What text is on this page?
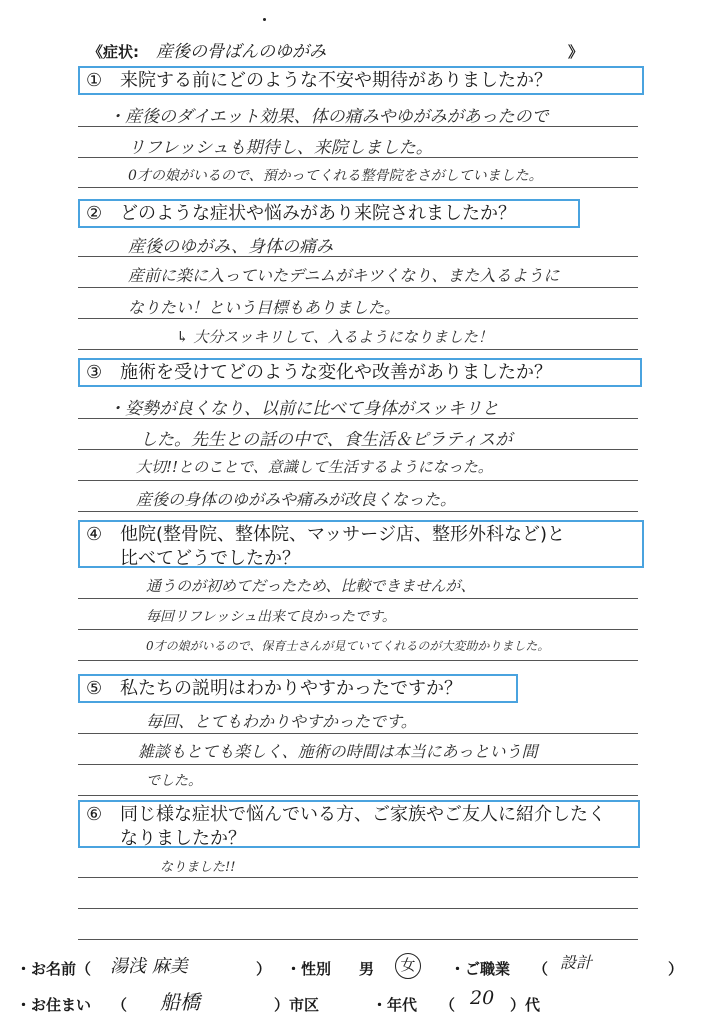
《症状: 産後の骨ばんのゆがみ	》
① 来院する前にどのような不安や期待がありましたか？
・産後のダイエット効果、体の痛みやゆがみがあったので
リフレッシュも期待し、来院しました。
0才の娘がいるので、預かってくれる整骨院をさがしていました。
② どのような症状や悩みがあり来院されましたか？
産後のゆがみ、身体の痛み
産前に楽に入っていたデニムがキツくなり、また入るように
なりたい！という目標もありました。
↳ 大分スッキリして、入るようになりました！
③ 施術を受けてどのような変化や改善がありましたか？
・姿勢が良くなり、以前に比べて身体がスッキリと
した。先生との話の中で、食生活＆ピラティスが
大切!!とのことで、意識して生活するようになった。
産後の身体のゆがみや痛みが改良くなった。
④ 他院(整骨院、整体院、マッサージ店、整形外科など)と
比べてどうでしたか？
通うのが初めてだったため、比較できませんが、
毎回リフレッシュ出来て良かったです。
0才の娘がいるので、保育士さんが見ていてくれるのが大変助かりました。
⑤ 私たちの説明はわかりやすかったですか？
毎回、とてもわかりやすかったです。
雑談もとても楽しく、施術の時間は本当にあっという間
でした。
⑥ 同じ様な症状で悩んでいる方、ご家族やご友人に紹介したく
なりましたか？
なりました!!
・お名前（ 湯浅 麻美	） ・性別 男	女	・ご職業 （ 設計	）
・お住まい （ 船橋	）市区	・年代 （ 20 ）代
